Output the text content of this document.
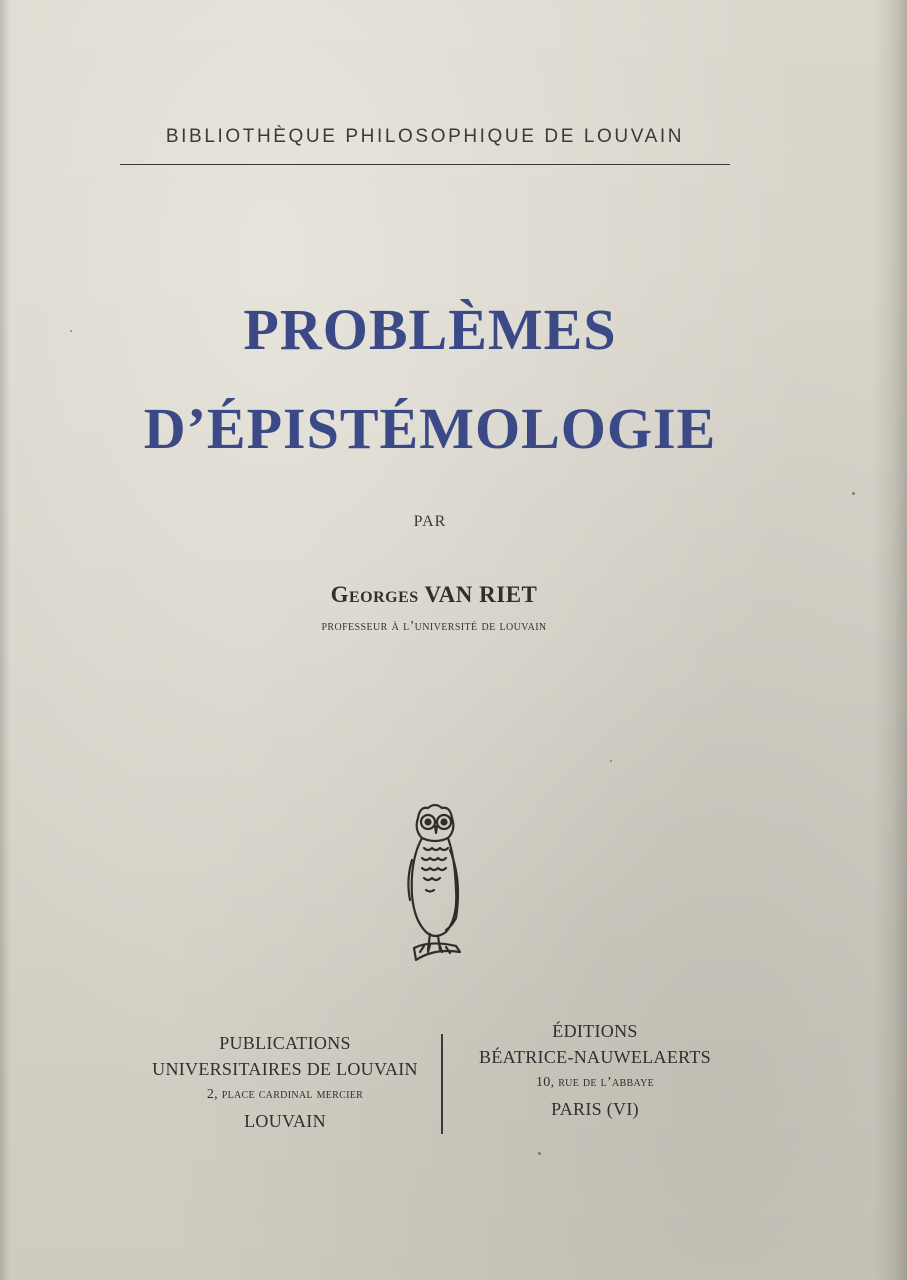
BIBLIOTHÈQUE PHILOSOPHIQUE DE LOUVAIN
PROBLÈMES
D’ÉPISTÉMOLOGIE
PAR
Georges VAN RIET
professeur à l’université de louvain
PUBLICATIONS
UNIVERSITAIRES DE LOUVAIN
2, place cardinal mercier
LOUVAIN
ÉDITIONS
BÉATRICE-NAUWELAERTS
10, rue de l’abbaye
PARIS (VI)
